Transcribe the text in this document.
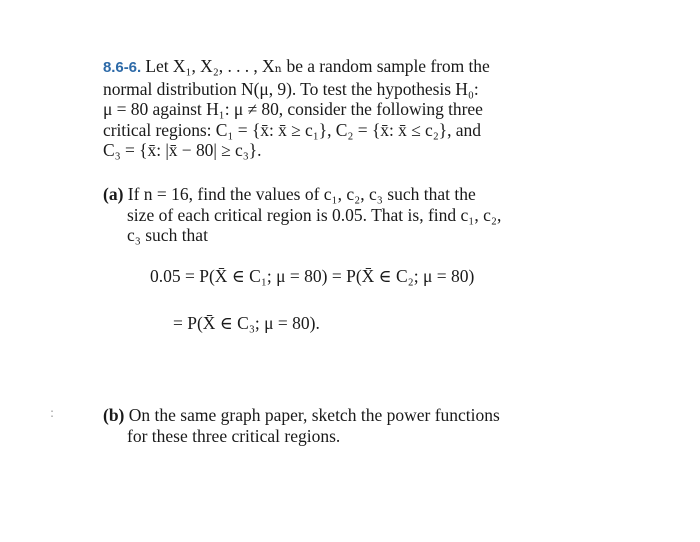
8.6-6. Let X₁, X₂, . . . , Xₙ be a random sample from the
normal distribution N(μ, 9). To test the hypothesis H₀:
μ = 80 against H₁: μ ≠ 80, consider the following three
critical regions: C₁ = {x̄: x̄ ≥ c₁}, C₂ = {x̄: x̄ ≤ c₂}, and
C₃ = {x̄: |x̄ − 80| ≥ c₃}.
(a) If n = 16, find the values of c₁, c₂, c₃ such that the
size of each critical region is 0.05. That is, find c₁, c₂,
c₃ such that
0.05 = P(X̄ ∈ C₁; μ = 80) = P(X̄ ∈ C₂; μ = 80)
= P(X̄ ∈ C₃; μ = 80).
:	(b) On the same graph paper, sketch the power functions
for these three critical regions.
